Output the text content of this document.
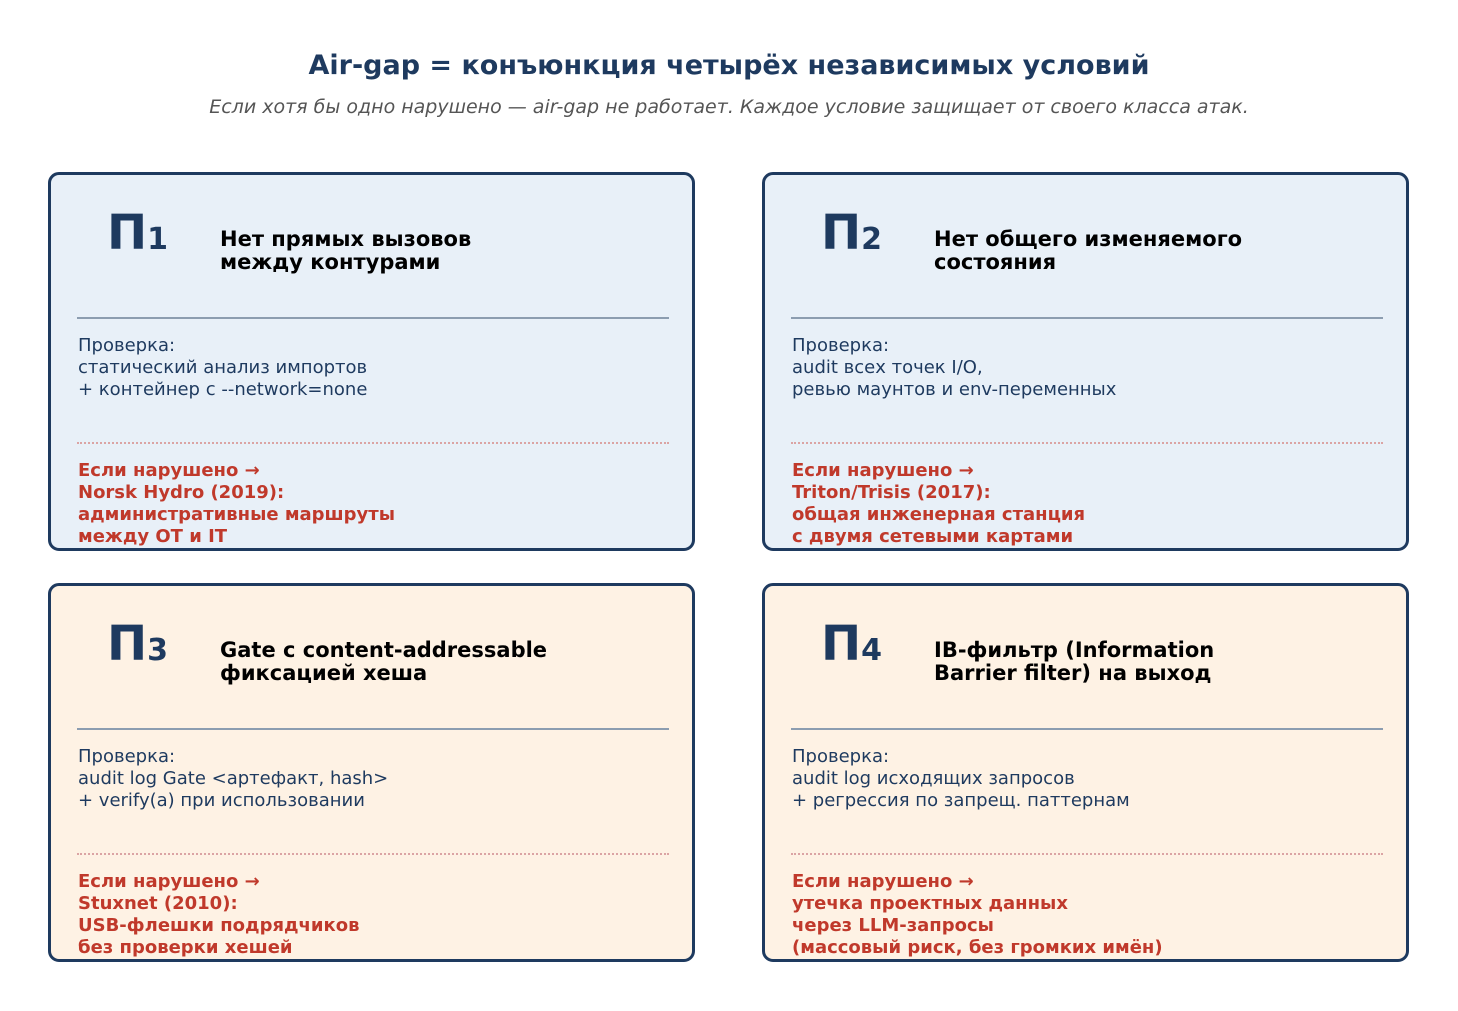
Air-gap = конъюнкция четырёх независимых условий
Если хотя бы одно нарушено — air-gap не работает. Каждое условие защищает от своего класса атак.
П1 Нет прямых вызовов
между контурами
Проверка:
статический анализ импортов
+ контейнер с --network=none
Если нарушено →
Norsk Hydro (2019):
административные маршруты
между ОТ и IT
П2 Нет общего изменяемого
состояния
Проверка:
audit всех точек I/O,
ревью маунтов и env-переменных
Если нарушено →
Triton/Trisis (2017):
общая инженерная станция
с двумя сетевыми картами
П3 Gate с content-addressable
фиксацией хеша
Проверка:
audit log Gate <артефакт, hash>
+ verify(a) при использовании
Если нарушено →
Stuxnet (2010):
USB-флешки подрядчиков
без проверки хешей
П4 IB-фильтр (Information
Barrier filter) на выход
Проверка:
audit log исходящих запросов
+ регрессия по запрещ. паттернам
Если нарушено →
утечка проектных данных
через LLM-запросы
(массовый риск, без громких имён)
